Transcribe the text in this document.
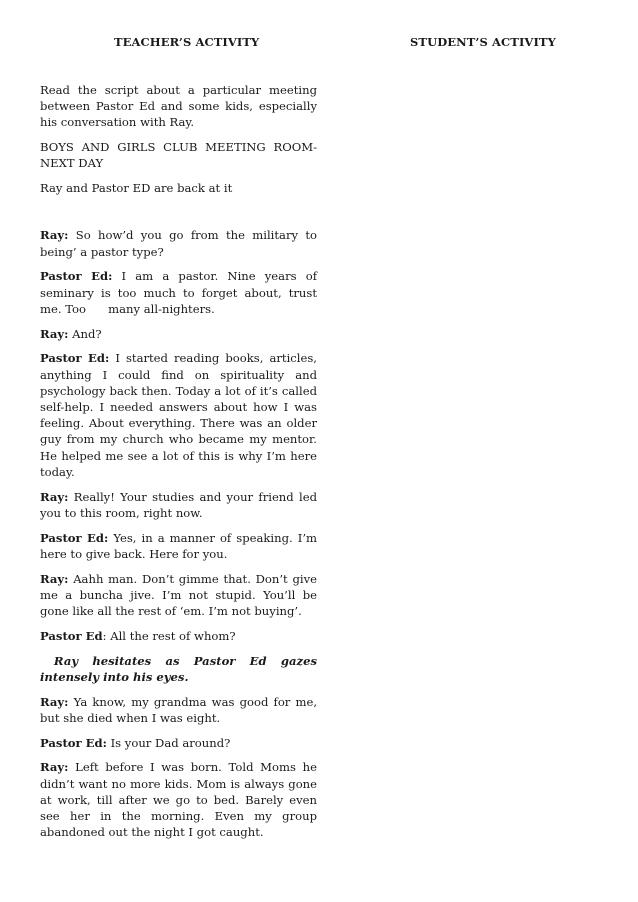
TEACHER’S ACTIVITY	STUDENT’S ACTIVITY

Read the script about a particular meeting between Pastor Ed and some kids, especially his conversation with Ray.

BOYS AND GIRLS CLUB MEETING ROOM-NEXT DAY

Ray and Pastor ED are back at it

Ray: So how’d you go from the military to being’ a pastor type?

Pastor Ed: I am a pastor. Nine years of seminary is too much to forget about, trust me. Too      many all-nighters.

Ray: And?

Pastor Ed: I started reading books, articles, anything I could find on spirituality and psychology back then. Today a lot of it’s called self-help. I needed answers about how I was feeling. About everything. There was an older guy from my church who became my mentor. He helped me see a lot of this is why I’m here today.

Ray: Really! Your studies and your friend led you to this room, right now.

Pastor Ed: Yes, in a manner of speaking. I’m here to give back. Here for you.

Ray: Aahh man. Don’t gimme that. Don’t give me a buncha jive. I’m not stupid. You’ll be gone like all the rest of ‘em. I’m not buying’.

Pastor Ed: All the rest of whom?

Ray hesitates as Pastor Ed gazes intensely into his eyes.

Ray: Ya know, my grandma was good for me, but she died when I was eight.

Pastor Ed: Is your Dad around?

Ray: Left before I was born. Told Moms he didn’t want no more kids. Mom is always gone at work, till after we go to bed. Barely even see her in the morning. Even my group abandoned out the night I got caught.
